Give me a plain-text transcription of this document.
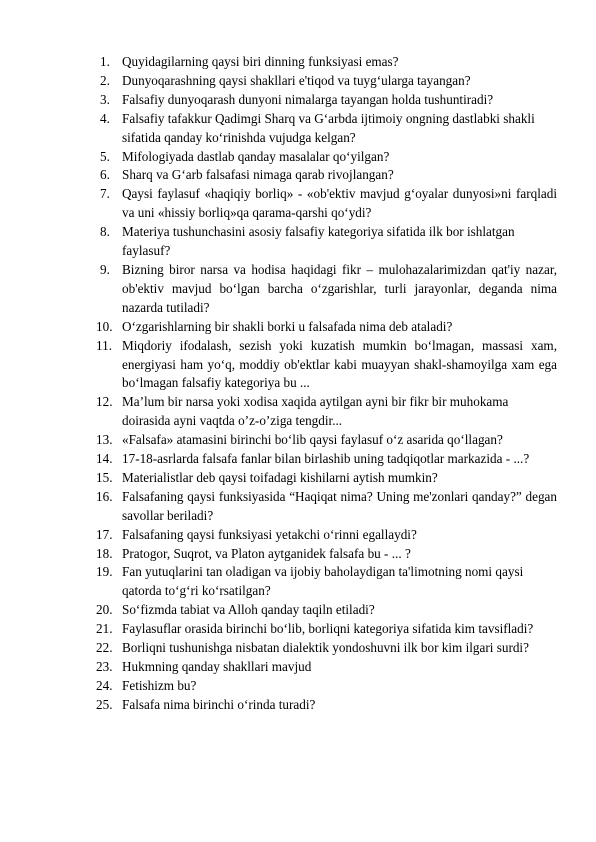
1. Quyidagilarning qaysi biri dinning funksiyasi emas?
2. Dunyoqarashning qaysi shakllari e'tiqod va tuyg‘ularga tayangan?
3. Falsafiy dunyoqarash dunyoni nimalarga tayangan holda tushuntiradi?
4. Falsafiy tafakkur Qadimgi Sharq va G‘arbda ijtimoiy ongning dastlabki shakli sifatida qanday ko‘rinishda vujudga kelgan?
5. Mifologiyada dastlab qanday masalalar qo‘yilgan?
6. Sharq va G‘arb falsafasi nimaga qarab rivojlangan?
7. Qaysi faylasuf «haqiqiy borliq» - «ob'ektiv mavjud g‘oyalar dunyosi»ni farqladi va uni «hissiy borliq»qa qarama-qarshi qo‘ydi?
8. Materiya tushunchasini asosiy falsafiy kategoriya sifatida ilk bor ishlatgan faylasuf?
9. Bizning biror narsa va hodisa haqidagi fikr – mulohazalarimizdan qat'iy nazar, ob'ektiv mavjud bo‘lgan barcha o‘zgarishlar, turli jarayonlar, deganda nima nazarda tutiladi?
10. O‘zgarishlarning bir shakli borki u falsafada nima deb ataladi?
11. Miqdoriy ifodalash, sezish yoki kuzatish mumkin bo‘lmagan, massasi xam, energiyasi ham yo‘q, moddiy ob'ektlar kabi muayyan shakl-shamoyilga xam ega bo‘lmagan falsafiy kategoriya bu ...
12. Ma’lum bir narsa yoki xodisa xaqida aytilgan ayni bir fikr bir muhokama doirasida ayni vaqtda o’z-o’ziga tengdir...
13. «Falsafa» atamasini birinchi bo‘lib qaysi faylasuf o‘z asarida qo‘llagan?
14. 17-18-asrlarda falsafa fanlar bilan birlashib uning tadqiqotlar markazida - ...?
15. Materialistlar deb qaysi toifadagi kishilarni aytish mumkin?
16. Falsafaning qaysi funksiyasida “Haqiqat nima? Uning me'zonlari qanday?” degan savollar beriladi?
17. Falsafaning qaysi funksiyasi yetakchi o‘rinni egallaydi?
18. Pratogor, Suqrot, va Platon aytganidek falsafa bu - ... ?
19. Fan yutuqlarini tan oladigan va ijobiy baholaydigan ta'limotning nomi qaysi qatorda to‘g‘ri ko‘rsatilgan?
20. So‘fizmda tabiat va Alloh qanday taqiln etiladi?
21. Faylasuflar orasida birinchi bo‘lib, borliqni kategoriya sifatida kim tavsifladi?
22. Borliqni tushunishga nisbatan dialektik yondoshuvni ilk bor kim ilgari surdi?
23. Hukmning qanday shakllari mavjud
24. Fetishizm bu?
25. Falsafa nima birinchi o‘rinda turadi?
